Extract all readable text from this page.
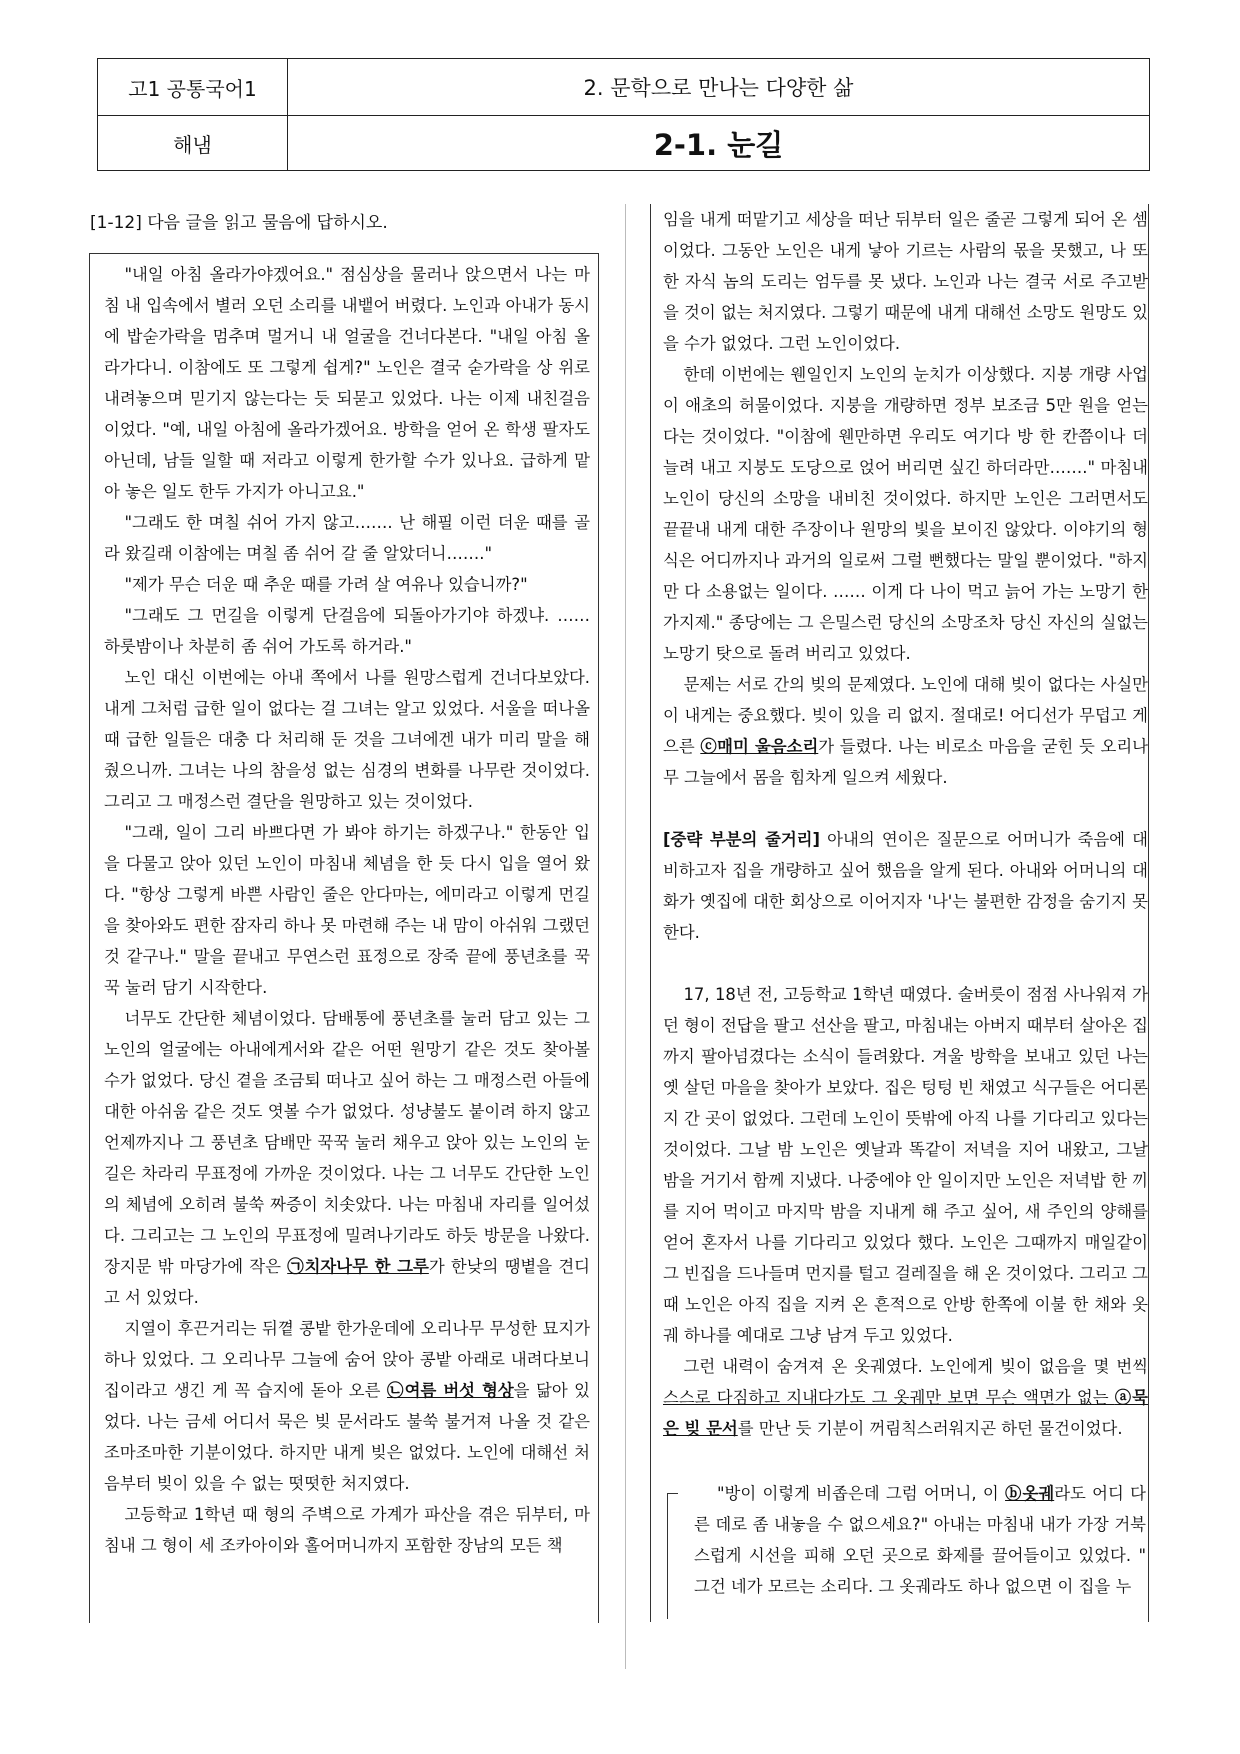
고1 공통국어1
해냄
2. 문학으로 만나는 다양한 삶
2-1. 눈길
[1-12] 다음 글을 읽고 물음에 답하시오.

"내일 아침 올라가야겠어요." 점심상을 물러나 앉으면서 나는 마침 내 입속에서 별러 오던 소리를 내뱉어 버렸다. 노인과 아내가 동시에 밥숟가락을 멈추며 멀거니 내 얼굴을 건너다본다. "내일 아침 올라가다니. 이참에도 또 그렇게 쉽게?" 노인은 결국 숟가락을 상 위로 내려놓으며 믿기지 않는다는 듯 되묻고 있었다. 나는 이제 내친걸음이었다. "예, 내일 아침에 올라가겠어요. 방학을 얻어 온 학생 팔자도 아닌데, 남들 일할 때 저라고 이렇게 한가할 수가 있나요. 급하게 맡아 놓은 일도 한두 가지가 아니고요."

"그래도 한 며칠 쉬어 가지 않고……. 난 해필 이런 더운 때를 골라 왔길래 이참에는 며칠 좀 쉬어 갈 줄 알았더니……."

"제가 무슨 더운 때 추운 때를 가려 살 여유나 있습니까?"

"그래도 그 먼길을 이렇게 단걸음에 되돌아가기야 하겠냐. …… 하룻밤이나 차분히 좀 쉬어 가도록 하거라."

노인 대신 이번에는 아내 쪽에서 나를 원망스럽게 건너다보았다. 내게 그처럼 급한 일이 없다는 걸 그녀는 알고 있었다. 서울을 떠나올 때 급한 일들은 대충 다 처리해 둔 것을 그녀에겐 내가 미리 말을 해 줬으니까. 그녀는 나의 참을성 없는 심경의 변화를 나무란 것이었다. 그리고 그 매정스런 결단을 원망하고 있는 것이었다.

"그래, 일이 그리 바쁘다면 가 봐야 하기는 하겠구나." 한동안 입을 다물고 앉아 있던 노인이 마침내 체념을 한 듯 다시 입을 열어 왔다. "항상 그렇게 바쁜 사람인 줄은 안다마는, 에미라고 이렇게 먼길을 찾아와도 편한 잠자리 하나 못 마련해 주는 내 맘이 아쉬워 그랬던 것 같구나." 말을 끝내고 무연스런 표정으로 장죽 끝에 풍년초를 꾹꾹 눌러 담기 시작한다.

너무도 간단한 체념이었다. 담배통에 풍년초를 눌러 담고 있는 그 노인의 얼굴에는 아내에게서와 같은 어떤 원망기 같은 것도 찾아볼 수가 없었다. 당신 곁을 조금퇴 떠나고 싶어 하는 그 매정스런 아들에 대한 아쉬움 같은 것도 엿볼 수가 없었다. 성냥불도 붙이려 하지 않고 언제까지나 그 풍년초 담배만 꾹꾹 눌러 채우고 앉아 있는 노인의 눈길은 차라리 무표정에 가까운 것이었다. 나는 그 너무도 간단한 노인의 체념에 오히려 불쑥 짜증이 치솟았다. 나는 마침내 자리를 일어섰다. 그리고는 그 노인의 무표정에 밀려나기라도 하듯 방문을 나왔다. 장지문 밖 마당가에 작은 ㉠치자나무 한 그루가 한낮의 땡볕을 견디고 서 있었다.

지열이 후끈거리는 뒤꼍 콩밭 한가운데에 오리나무 무성한 묘지가 하나 있었다. 그 오리나무 그늘에 숨어 앉아 콩밭 아래로 내려다보니 집이라고 생긴 게 꼭 습지에 돋아 오른 ㉡여름 버섯 형상을 닮아 있었다. 나는 금세 어디서 묵은 빚 문서라도 불쑥 불거져 나올 것 같은 조마조마한 기분이었다. 하지만 내게 빚은 없었다. 노인에 대해선 처음부터 빚이 있을 수 없는 떳떳한 처지였다.

고등학교 1학년 때 형의 주벽으로 가계가 파산을 겪은 뒤부터, 마침내 그 형이 세 조카아이와 홀어머니까지 포함한 장남의 모든 책

임을 내게 떠맡기고 세상을 떠난 뒤부터 일은 줄곧 그렇게 되어 온 셈이었다. 그동안 노인은 내게 낳아 기르는 사람의 몫을 못했고, 나 또한 자식 놈의 도리는 엄두를 못 냈다. 노인과 나는 결국 서로 주고받을 것이 없는 처지였다. 그렇기 때문에 내게 대해선 소망도 원망도 있을 수가 없었다. 그런 노인이었다.

한데 이번에는 웬일인지 노인의 눈치가 이상했다. 지붕 개량 사업이 애초의 허물이었다. 지붕을 개량하면 정부 보조금 5만 원을 얻는다는 것이었다. "이참에 웬만하면 우리도 여기다 방 한 칸쯤이나 더 늘려 내고 지붕도 도당으로 얹어 버리면 싶긴 하더라만……." 마침내 노인이 당신의 소망을 내비친 것이었다. 하지만 노인은 그러면서도 끝끝내 내게 대한 주장이나 원망의 빛을 보이진 않았다. 이야기의 형식은 어디까지나 과거의 일로써 그럴 뻔했다는 말일 뿐이었다. "하지만 다 소용없는 일이다. …… 이게 다 나이 먹고 늙어 가는 노망기 한가지제." 종당에는 그 은밀스런 당신의 소망조차 당신 자신의 실없는 노망기 탓으로 돌려 버리고 있었다.

문제는 서로 간의 빚의 문제였다. 노인에 대해 빚이 없다는 사실만이 내게는 중요했다. 빚이 있을 리 없지. 절대로! 어디선가 무덥고 게으른 ⓒ매미 울음소리가 들렸다. 나는 비로소 마음을 굳힌 듯 오리나무 그늘에서 몸을 힘차게 일으켜 세웠다.

[중략 부분의 줄거리] 아내의 연이은 질문으로 어머니가 죽음에 대비하고자 집을 개량하고 싶어 했음을 알게 된다. 아내와 어머니의 대화가 옛집에 대한 회상으로 이어지자 '나'는 불편한 감정을 숨기지 못한다.

17, 18년 전, 고등학교 1학년 때였다. 술버릇이 점점 사나워져 가던 형이 전답을 팔고 선산을 팔고, 마침내는 아버지 때부터 살아온 집까지 팔아넘겼다는 소식이 들려왔다. 겨울 방학을 보내고 있던 나는 옛 살던 마을을 찾아가 보았다. 집은 텅텅 빈 채였고 식구들은 어디론지 간 곳이 없었다. 그런데 노인이 뜻밖에 아직 나를 기다리고 있다는 것이었다. 그날 밤 노인은 옛날과 똑같이 저녁을 지어 내왔고, 그날 밤을 거기서 함께 지냈다. 나중에야 안 일이지만 노인은 저녁밥 한 끼를 지어 먹이고 마지막 밤을 지내게 해 주고 싶어, 새 주인의 양해를 얻어 혼자서 나를 기다리고 있었다 했다. 노인은 그때까지 매일같이 그 빈집을 드나들며 먼지를 털고 걸레질을 해 온 것이었다. 그리고 그때 노인은 아직 집을 지켜 온 흔적으로 안방 한쪽에 이불 한 채와 옷궤 하나를 예대로 그냥 남겨 두고 있었다.

그런 내력이 숨겨져 온 옷궤였다. 노인에게 빚이 없음을 몇 번씩 스스로 다짐하고 지내다가도 그 옷궤만 보면 무슨 액면가 없는 ⓐ묵은 빚 문서를 만난 듯 기분이 꺼림칙스러워지곤 하던 물건이었다.

"방이 이렇게 비좁은데 그럼 어머니, 이 ⓑ옷궤라도 어디 다른 데로 좀 내놓을 수 없으세요?" 아내는 마침내 내가 가장 거북스럽게 시선을 피해 오던 곳으로 화제를 끌어들이고 있었다. " 그건 네가 모르는 소리다. 그 옷궤라도 하나 없으면 이 집을 누
